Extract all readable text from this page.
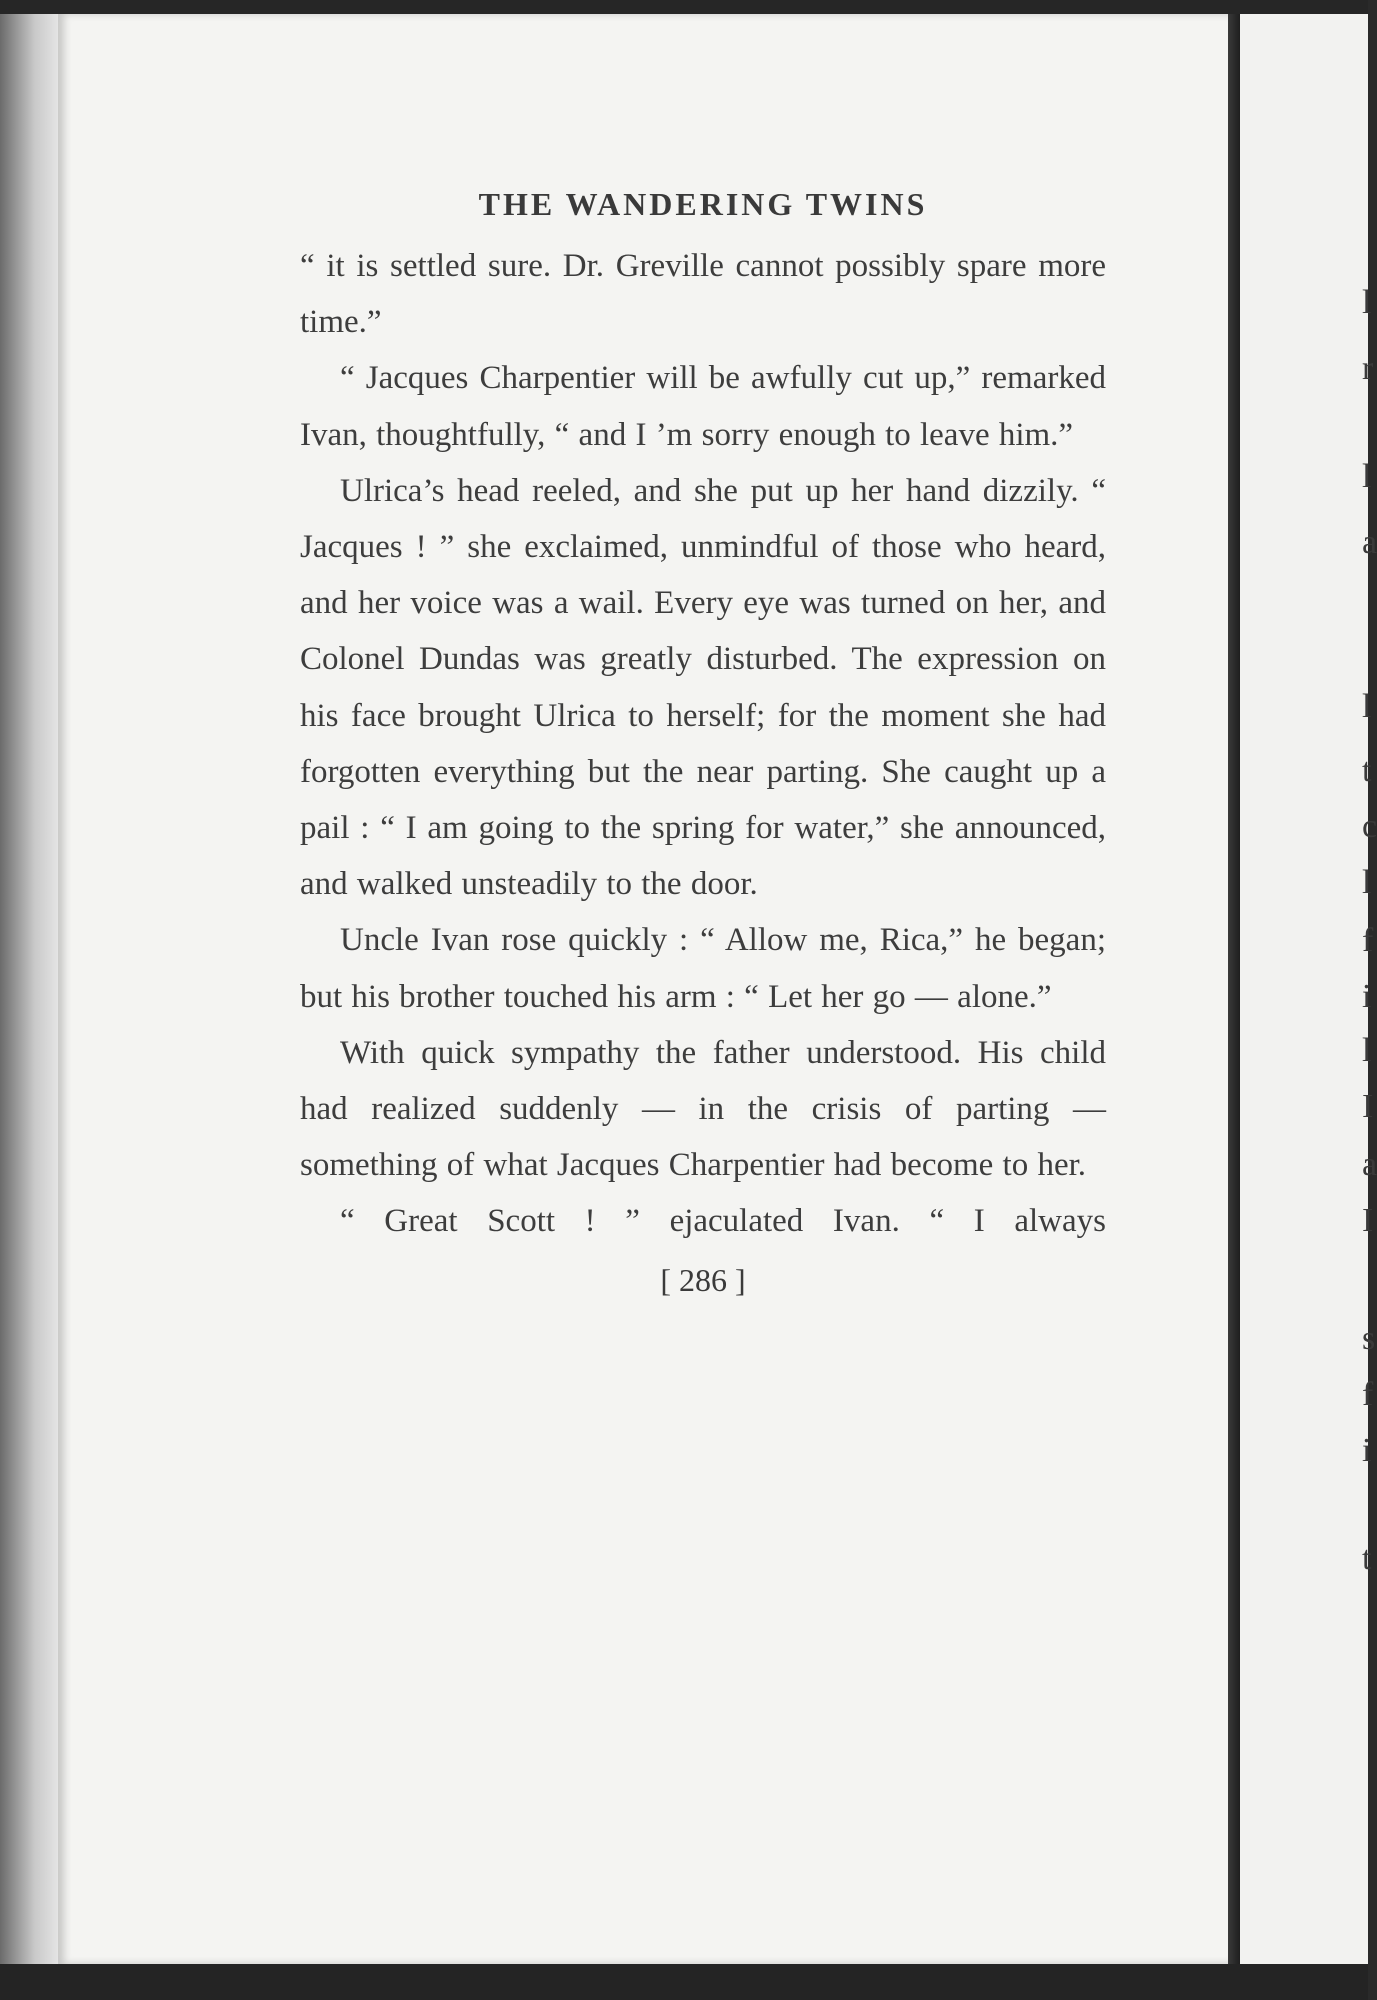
THE WANDERING TWINS

“ it is settled sure. Dr. Greville cannot possibly spare more time.”

“ Jacques Charpentier will be awfully cut up,” remarked Ivan, thoughtfully, “ and I ’m sorry enough to leave him.”

Ulrica’s head reeled, and she put up her hand dizzily. “ Jacques ! ” she exclaimed, unmindful of those who heard, and her voice was a wail. Every eye was turned on her, and Colonel Dundas was greatly disturbed. The expression on his face brought Ulrica to herself; for the moment she had forgotten everything but the near parting. She caught up a pail : “ I am going to the spring for water,” she announced, and walked unsteadily to the door.

Uncle Ivan rose quickly : “ Allow me, Rica,” he began; but his brother touched his arm : “ Let her go — alone.”

With quick sympathy the father understood. His child had realized suddenly — in the crisis of parting — something of what Jacques Charpentier had become to her.

“ Great Scott ! ” ejaculated Ivan. “ I always

[ 286 ]
l
r
l
a
l
t
c
l
f
i
l
I
a
I
s
f
i
t
